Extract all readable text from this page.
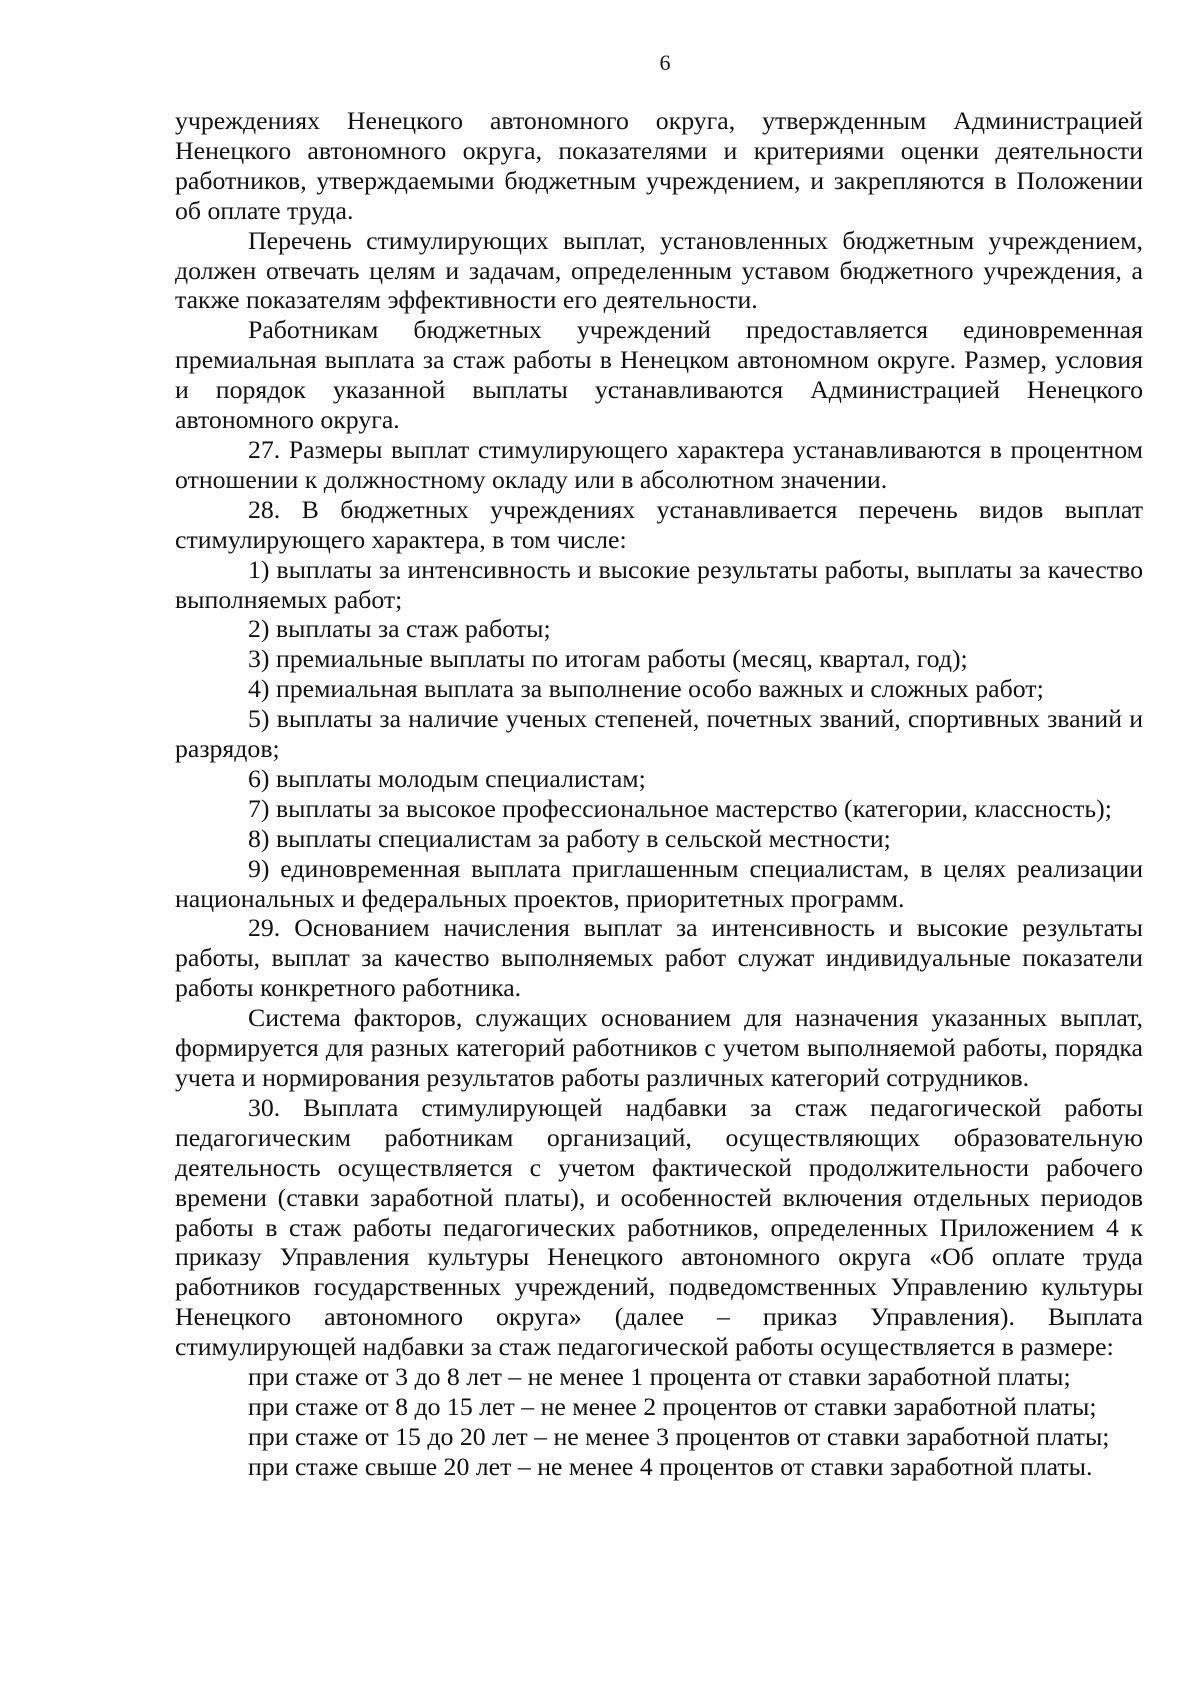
6

учреждениях Ненецкого автономного округа, утвержденным Администрацией Ненецкого автономного округа, показателями и критериями оценки деятельности работников, утверждаемыми бюджетным учреждением, и закрепляются в Положении об оплате труда.

Перечень стимулирующих выплат, установленных бюджетным учреждением, должен отвечать целям и задачам, определенным уставом бюджетного учреждения, а также показателям эффективности его деятельности.

Работникам бюджетных учреждений предоставляется единовременная премиальная выплата за стаж работы в Ненецком автономном округе. Размер, условия и порядок указанной выплаты устанавливаются Администрацией Ненецкого автономного округа.

27. Размеры выплат стимулирующего характера устанавливаются в процентном отношении к должностному окладу или в абсолютном значении.

28. В бюджетных учреждениях устанавливается перечень видов выплат стимулирующего характера, в том числе:

1) выплаты за интенсивность и высокие результаты работы, выплаты за качество выполняемых работ;

2) выплаты за стаж работы;

3) премиальные выплаты по итогам работы (месяц, квартал, год);

4) премиальная выплата за выполнение особо важных и сложных работ;

5) выплаты за наличие ученых степеней, почетных званий, спортивных званий и разрядов;

6) выплаты молодым специалистам;

7) выплаты за высокое профессиональное мастерство (категории, классность);

8) выплаты специалистам за работу в сельской местности;

9) единовременная выплата приглашенным специалистам, в целях реализации национальных и федеральных проектов, приоритетных программ.

29. Основанием начисления выплат за интенсивность и высокие результаты работы, выплат за качество выполняемых работ служат индивидуальные показатели работы конкретного работника.

Система факторов, служащих основанием для назначения указанных выплат, формируется для разных категорий работников с учетом выполняемой работы, порядка учета и нормирования результатов работы различных категорий сотрудников.

30. Выплата стимулирующей надбавки за стаж педагогической работы педагогическим работникам организаций, осуществляющих образовательную деятельность осуществляется с учетом фактической продолжительности рабочего времени (ставки заработной платы), и особенностей включения отдельных периодов работы в стаж работы педагогических работников, определенных Приложением 4 к приказу Управления культуры Ненецкого автономного округа «Об оплате труда работников государственных учреждений, подведомственных Управлению культуры Ненецкого автономного округа» (далее – приказ Управления). Выплата стимулирующей надбавки за стаж педагогической работы осуществляется в размере:

при стаже от 3 до 8 лет – не менее 1 процента от ставки заработной платы;

при стаже от 8 до 15 лет – не менее 2 процентов от ставки заработной платы;

при стаже от 15 до 20 лет – не менее 3 процентов от ставки заработной платы;

при стаже свыше 20 лет – не менее 4 процентов от ставки заработной платы.
